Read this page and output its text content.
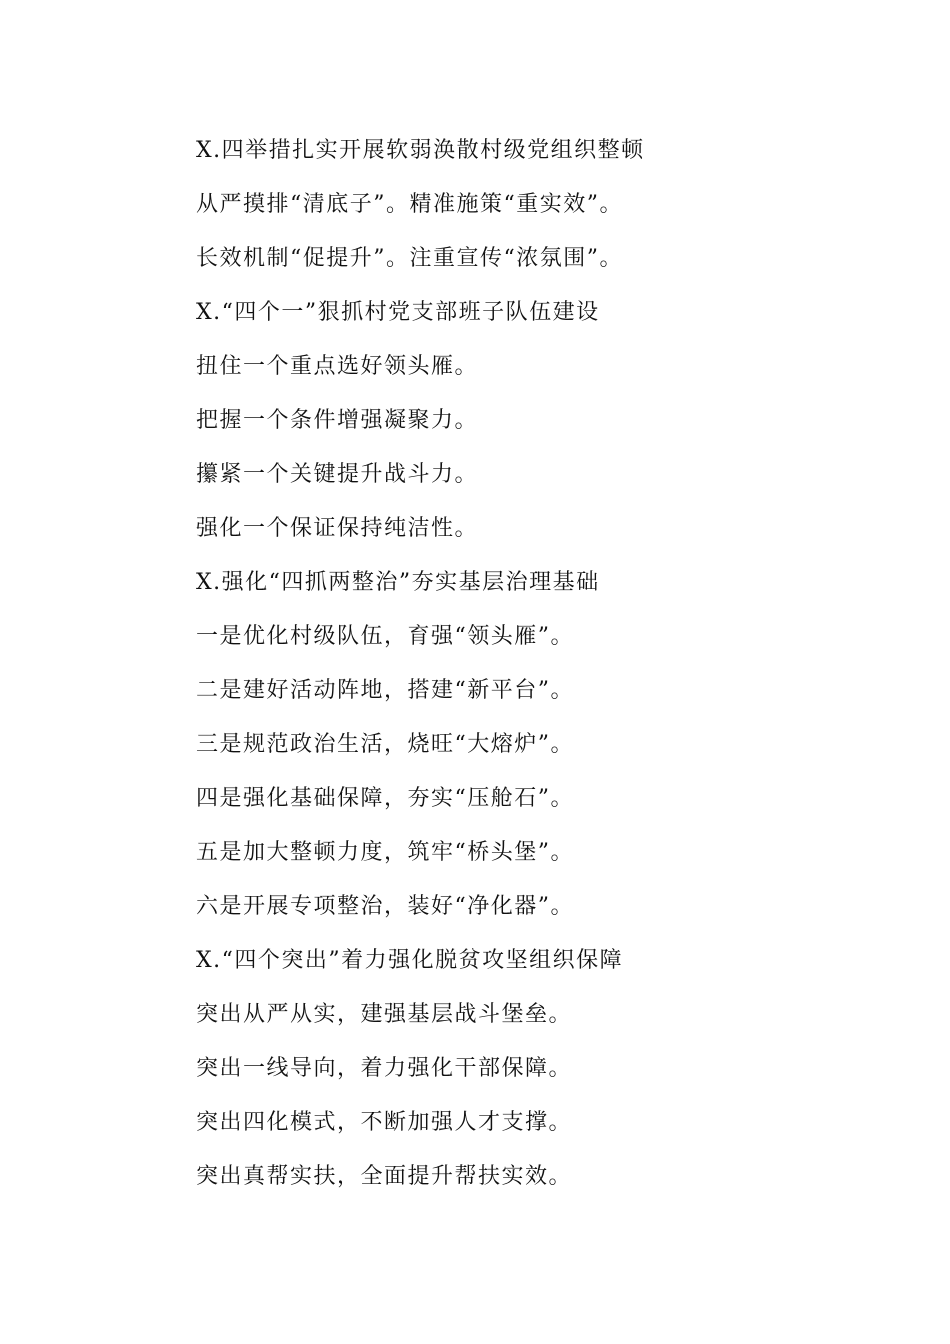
X.四举措扎实开展软弱涣散村级党组织整顿
从严摸排“清底子”。精准施策“重实效”。
长效机制“促提升”。注重宣传“浓氛围”。
X.“四个一”狠抓村党支部班子队伍建设
扭住一个重点选好领头雁。
把握一个条件增强凝聚力。
攥紧一个关键提升战斗力。
强化一个保证保持纯洁性。
X.强化“四抓两整治”夯实基层治理基础
一是优化村级队伍，育强“领头雁”。
二是建好活动阵地，搭建“新平台”。
三是规范政治生活，烧旺“大熔炉”。
四是强化基础保障，夯实“压舱石”。
五是加大整顿力度，筑牢“桥头堡”。
六是开展专项整治，装好“净化器”。
X.“四个突出”着力强化脱贫攻坚组织保障
突出从严从实，建强基层战斗堡垒。
突出一线导向，着力强化干部保障。
突出四化模式，不断加强人才支撑。
突出真帮实扶，全面提升帮扶实效。
